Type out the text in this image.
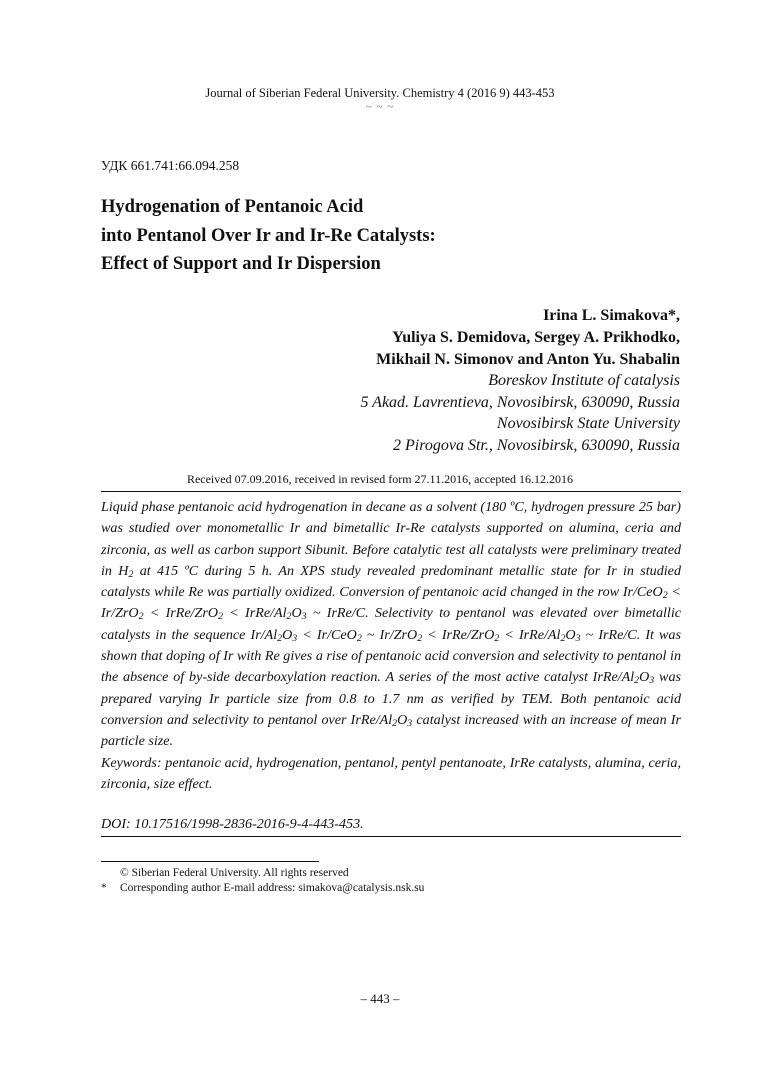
Journal of Siberian Federal University. Chemistry 4 (2016 9) 443-453
~ ~ ~
УДК 661.741:66.094.258
Hydrogenation of Pentanoic Acid
into Pentanol Over Ir and Ir-Re Catalysts:
Effect of Support and Ir Dispersion
Irina L. Simakova*,
Yuliya S. Demidova, Sergey A. Prikhodko,
Mikhail N. Simonov and Anton Yu. Shabalin
Boreskov Institute of catalysis
5 Akad. Lavrentieva, Novosibirsk, 630090, Russia
Novosibirsk State University
2 Pirogova Str., Novosibirsk, 630090, Russia
Received 07.09.2016, received in revised form 27.11.2016, accepted 16.12.2016
Liquid phase pentanoic acid hydrogenation in decane as a solvent (180 ºC, hydrogen pressure 25 bar) was studied over monometallic Ir and bimetallic Ir-Re catalysts supported on alumina, ceria and zirconia, as well as carbon support Sibunit. Before catalytic test all catalysts were preliminary treated in $H_2$ at 415 ºC during 5 h. An XPS study revealed predominant metallic state for Ir in studied catalysts while Re was partially oxidized. Conversion of pentanoic acid changed in the row Ir/CeO$_2$ < Ir/ZrO$_2$ < IrRe/ZrO$_2$ < IrRe/$Al_2O_3$ ~ IrRe/C. Selectivity to pentanol was elevated over bimetallic catalysts in the sequence $Ir/Al_2O_3 < Ir/CeO_2$ ~ Ir/ZrO$_2$ < IrRe/ZrO$_2$ < IrRe/$Al_2O_3$ ~ IrRe/C. It was shown that doping of Ir with Re gives a rise of pentanoic acid conversion and selectivity to pentanol in the absence of by-side decarboxylation reaction. A series of the most active catalyst IrRe/$Al_2O_3$ was prepared varying Ir particle size from 0.8 to 1.7 nm as verified by TEM. Both pentanoic acid conversion and selectivity to pentanol over IrRe/$Al_2O_3$ catalyst increased with an increase of mean Ir particle size.
Keywords: pentanoic acid, hydrogenation, pentanol, pentyl pentanoate, IrRe catalysts, alumina, ceria, zirconia, size effect.
DOI: 10.17516/1998-2836-2016-9-4-443-453.
© Siberian Federal University. All rights reserved
* Corresponding author E-mail address: simakova@catalysis.nsk.su
– 443 –
